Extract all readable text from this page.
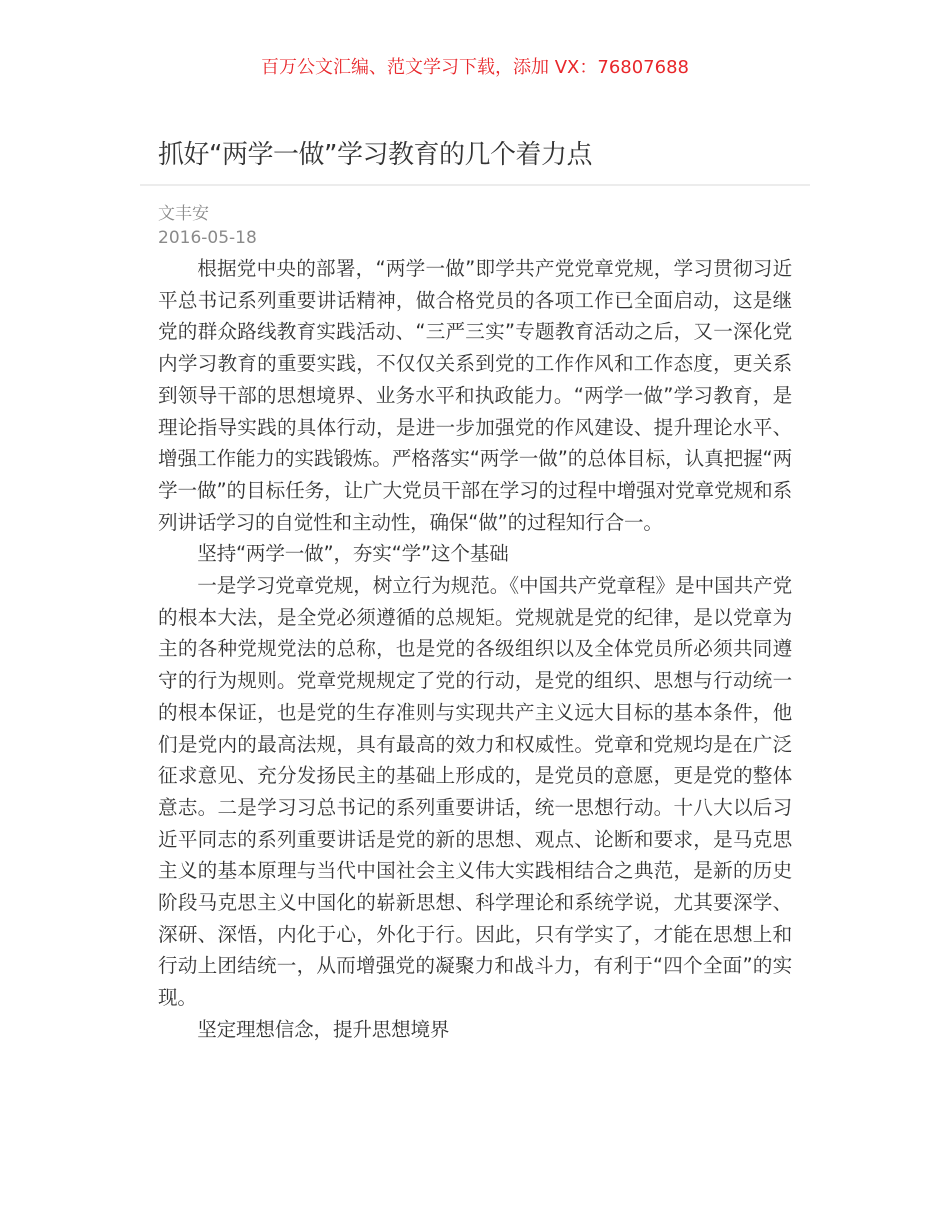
百万公文汇编、范文学习下载，添加 VX：76807688
抓好“两学一做”学习教育的几个着力点
文丰安
2016-05-18

根据党中央的部署，“两学一做”即学共产党党章党规，学习贯彻习近平总书记系列重要讲话精神，做合格党员的各项工作已全面启动，这是继党的群众路线教育实践活动、“三严三实”专题教育活动之后，又一深化党内学习教育的重要实践，不仅仅关系到党的工作作风和工作态度，更关系到领导干部的思想境界、业务水平和执政能力。“两学一做”学习教育，是理论指导实践的具体行动，是进一步加强党的作风建设、提升理论水平、增强工作能力的实践锻炼。严格落实“两学一做”的总体目标，认真把握“两学一做”的目标任务，让广大党员干部在学习的过程中增强对党章党规和系列讲话学习的自觉性和主动性，确保“做”的过程知行合一。

坚持“两学一做”，夯实“学”这个基础

一是学习党章党规，树立行为规范。《中国共产党章程》是中国共产党的根本大法，是全党必须遵循的总规矩。党规就是党的纪律，是以党章为主的各种党规党法的总称，也是党的各级组织以及全体党员所必须共同遵守的行为规则。党章党规规定了党的行动，是党的组织、思想与行动统一的根本保证，也是党的生存准则与实现共产主义远大目标的基本条件，他们是党内的最高法规，具有最高的效力和权威性。党章和党规均是在广泛征求意见、充分发扬民主的基础上形成的，是党员的意愿，更是党的整体意志。二是学习习总书记的系列重要讲话，统一思想行动。十八大以后习近平同志的系列重要讲话是党的新的思想、观点、论断和要求，是马克思主义的基本原理与当代中国社会主义伟大实践相结合之典范，是新的历史阶段马克思主义中国化的崭新思想、科学理论和系统学说，尤其要深学、深研、深悟，内化于心，外化于行。因此，只有学实了，才能在思想上和行动上团结统一，从而增强党的凝聚力和战斗力，有利于“四个全面”的实现。

坚定理想信念，提升思想境界
